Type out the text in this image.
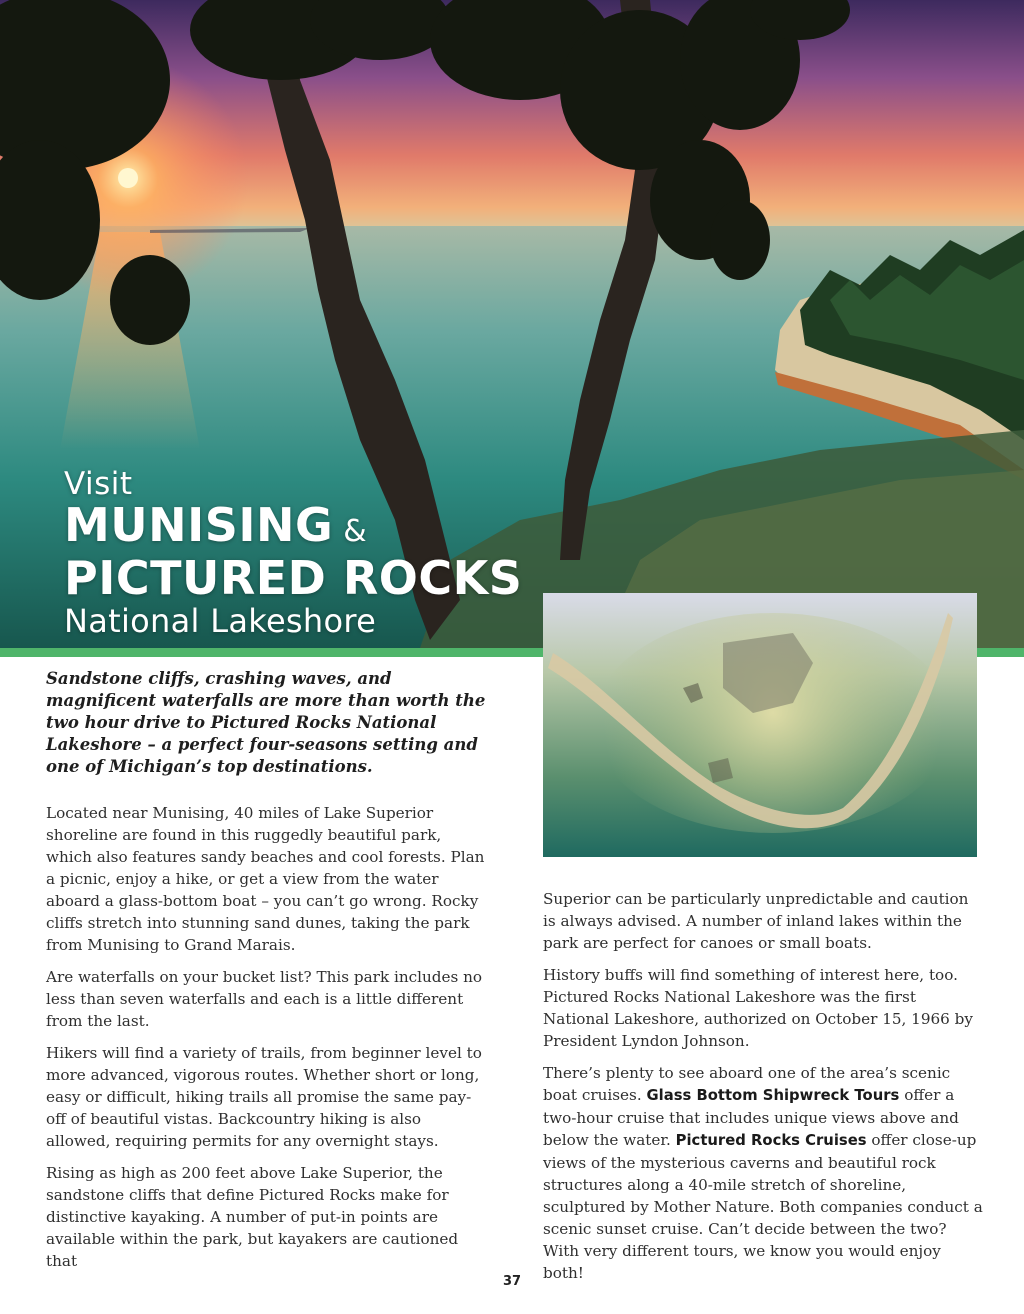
Visit
MUNISING &
PICTURED ROCKS
National Lakeshore

Sandstone cliffs, crashing waves, and magnificent waterfalls are more than worth the two hour drive to Pictured Rocks National Lakeshore – a perfect four-seasons setting and one of Michigan’s top destinations.

Located near Munising, 40 miles of Lake Superior shoreline are found in this ruggedly beautiful park, which also features sandy beaches and cool forests. Plan a picnic, enjoy a hike, or get a view from the water aboard a glass-bottom boat – you can’t go wrong. Rocky cliffs stretch into stunning sand dunes, taking the park from Munising to Grand Marais.

Are waterfalls on your bucket list? This park includes no less than seven waterfalls and each is a little different from the last.

Hikers will find a variety of trails, from beginner level to more advanced, vigorous routes. Whether short or long, easy or difficult, hiking trails all promise the same pay-off of beautiful vistas. Backcountry hiking is also allowed, requiring permits for any overnight stays.

Rising as high as 200 feet above Lake Superior, the sandstone cliffs that define Pictured Rocks make for distinctive kayaking. A number of put-in points are available within the park, but kayakers are cautioned that

Superior can be particularly unpredictable and caution is always advised. A number of inland lakes within the park are perfect for canoes or small boats.

History buffs will find something of interest here, too. Pictured Rocks National Lakeshore was the first National Lakeshore, authorized on October 15, 1966 by President Lyndon Johnson.

There’s plenty to see aboard one of the area’s scenic boat cruises. Glass Bottom Shipwreck Tours offer a two-hour cruise that includes unique views above and below the water. Pictured Rocks Cruises offer close-up views of the mysterious caverns and beautiful rock structures along a 40-mile stretch of shoreline, sculptured by Mother Nature. Both companies conduct a scenic sunset cruise. Can’t decide between the two? With very different tours, we know you would enjoy both!

37
